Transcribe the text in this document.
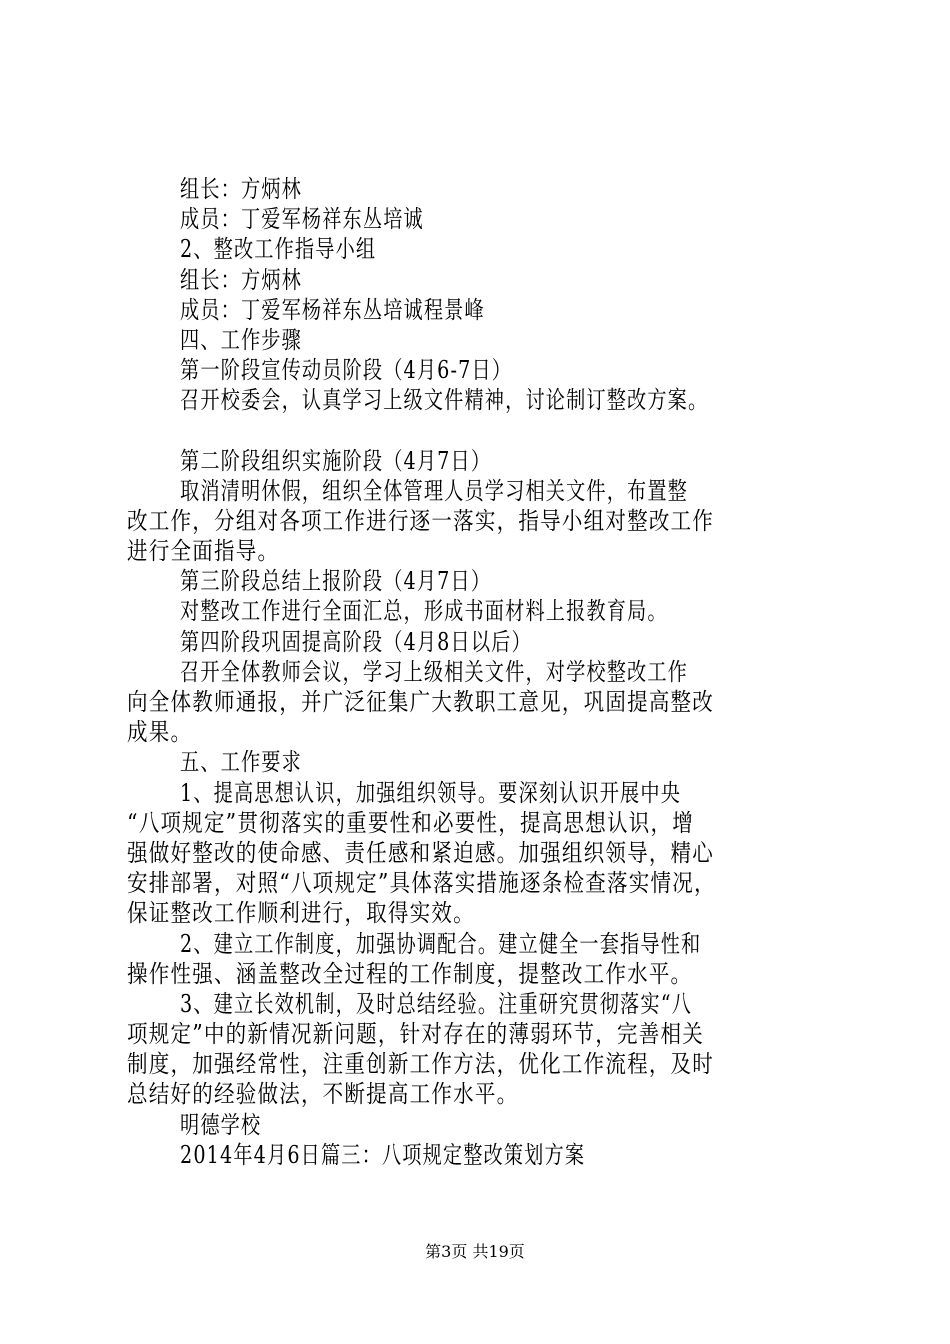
组长：方炳林
成员：丁爱军杨祥东丛培诚
2、整改工作指导小组
组长：方炳林
成员：丁爱军杨祥东丛培诚程景峰
四、工作步骤
第一阶段宣传动员阶段（4月6-7日）
召开校委会，认真学习上级文件精神，讨论制订整改方案。
第二阶段组织实施阶段（4月7日）
取消清明休假，组织全体管理人员学习相关文件，布置整
改工作，分组对各项工作进行逐一落实，指导小组对整改工作
进行全面指导。
第三阶段总结上报阶段（4月7日）
对整改工作进行全面汇总，形成书面材料上报教育局。
第四阶段巩固提高阶段（4月8日以后）
召开全体教师会议，学习上级相关文件，对学校整改工作
向全体教师通报，并广泛征集广大教职工意见，巩固提高整改
成果。
五、工作要求
1、提高思想认识，加强组织领导。要深刻认识开展中央
“八项规定”贯彻落实的重要性和必要性，提高思想认识，增
强做好整改的使命感、责任感和紧迫感。加强组织领导，精心
安排部署，对照“八项规定”具体落实措施逐条检查落实情况，
保证整改工作顺利进行，取得实效。
2、建立工作制度，加强协调配合。建立健全一套指导性和
操作性强、涵盖整改全过程的工作制度，提整改工作水平。
3、建立长效机制，及时总结经验。注重研究贯彻落实“八
项规定”中的新情况新问题，针对存在的薄弱环节，完善相关
制度，加强经常性，注重创新工作方法，优化工作流程，及时
总结好的经验做法，不断提高工作水平。
明德学校
2014年4月6日篇三：八项规定整改策划方案
第3页 共19页
